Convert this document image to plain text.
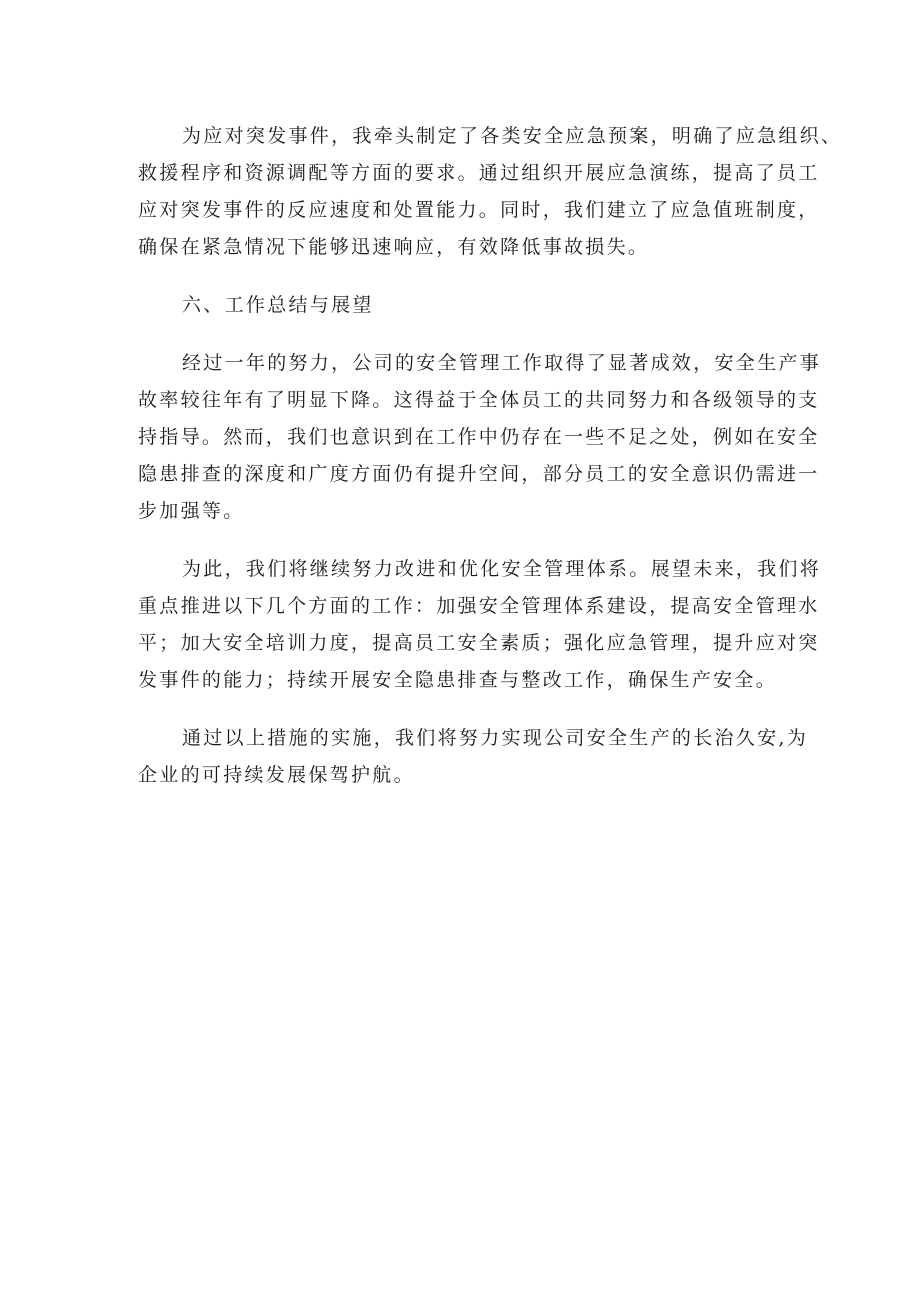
为应对突发事件，我牵头制定了各类安全应急预案，明确了应急组织、
救援程序和资源调配等方面的要求。通过组织开展应急演练，提高了员工
应对突发事件的反应速度和处置能力。同时，我们建立了应急值班制度，
确保在紧急情况下能够迅速响应，有效降低事故损失。
六、工作总结与展望
经过一年的努力，公司的安全管理工作取得了显著成效，安全生产事
故率较往年有了明显下降。这得益于全体员工的共同努力和各级领导的支
持指导。然而，我们也意识到在工作中仍存在一些不足之处，例如在安全
隐患排查的深度和广度方面仍有提升空间，部分员工的安全意识仍需进一
步加强等。
为此，我们将继续努力改进和优化安全管理体系。展望未来，我们将
重点推进以下几个方面的工作：加强安全管理体系建设，提高安全管理水
平；加大安全培训力度，提高员工安全素质；强化应急管理，提升应对突
发事件的能力；持续开展安全隐患排查与整改工作，确保生产安全。
通过以上措施的实施，我们将努力实现公司安全生产的长治久安,为
企业的可持续发展保驾护航。
